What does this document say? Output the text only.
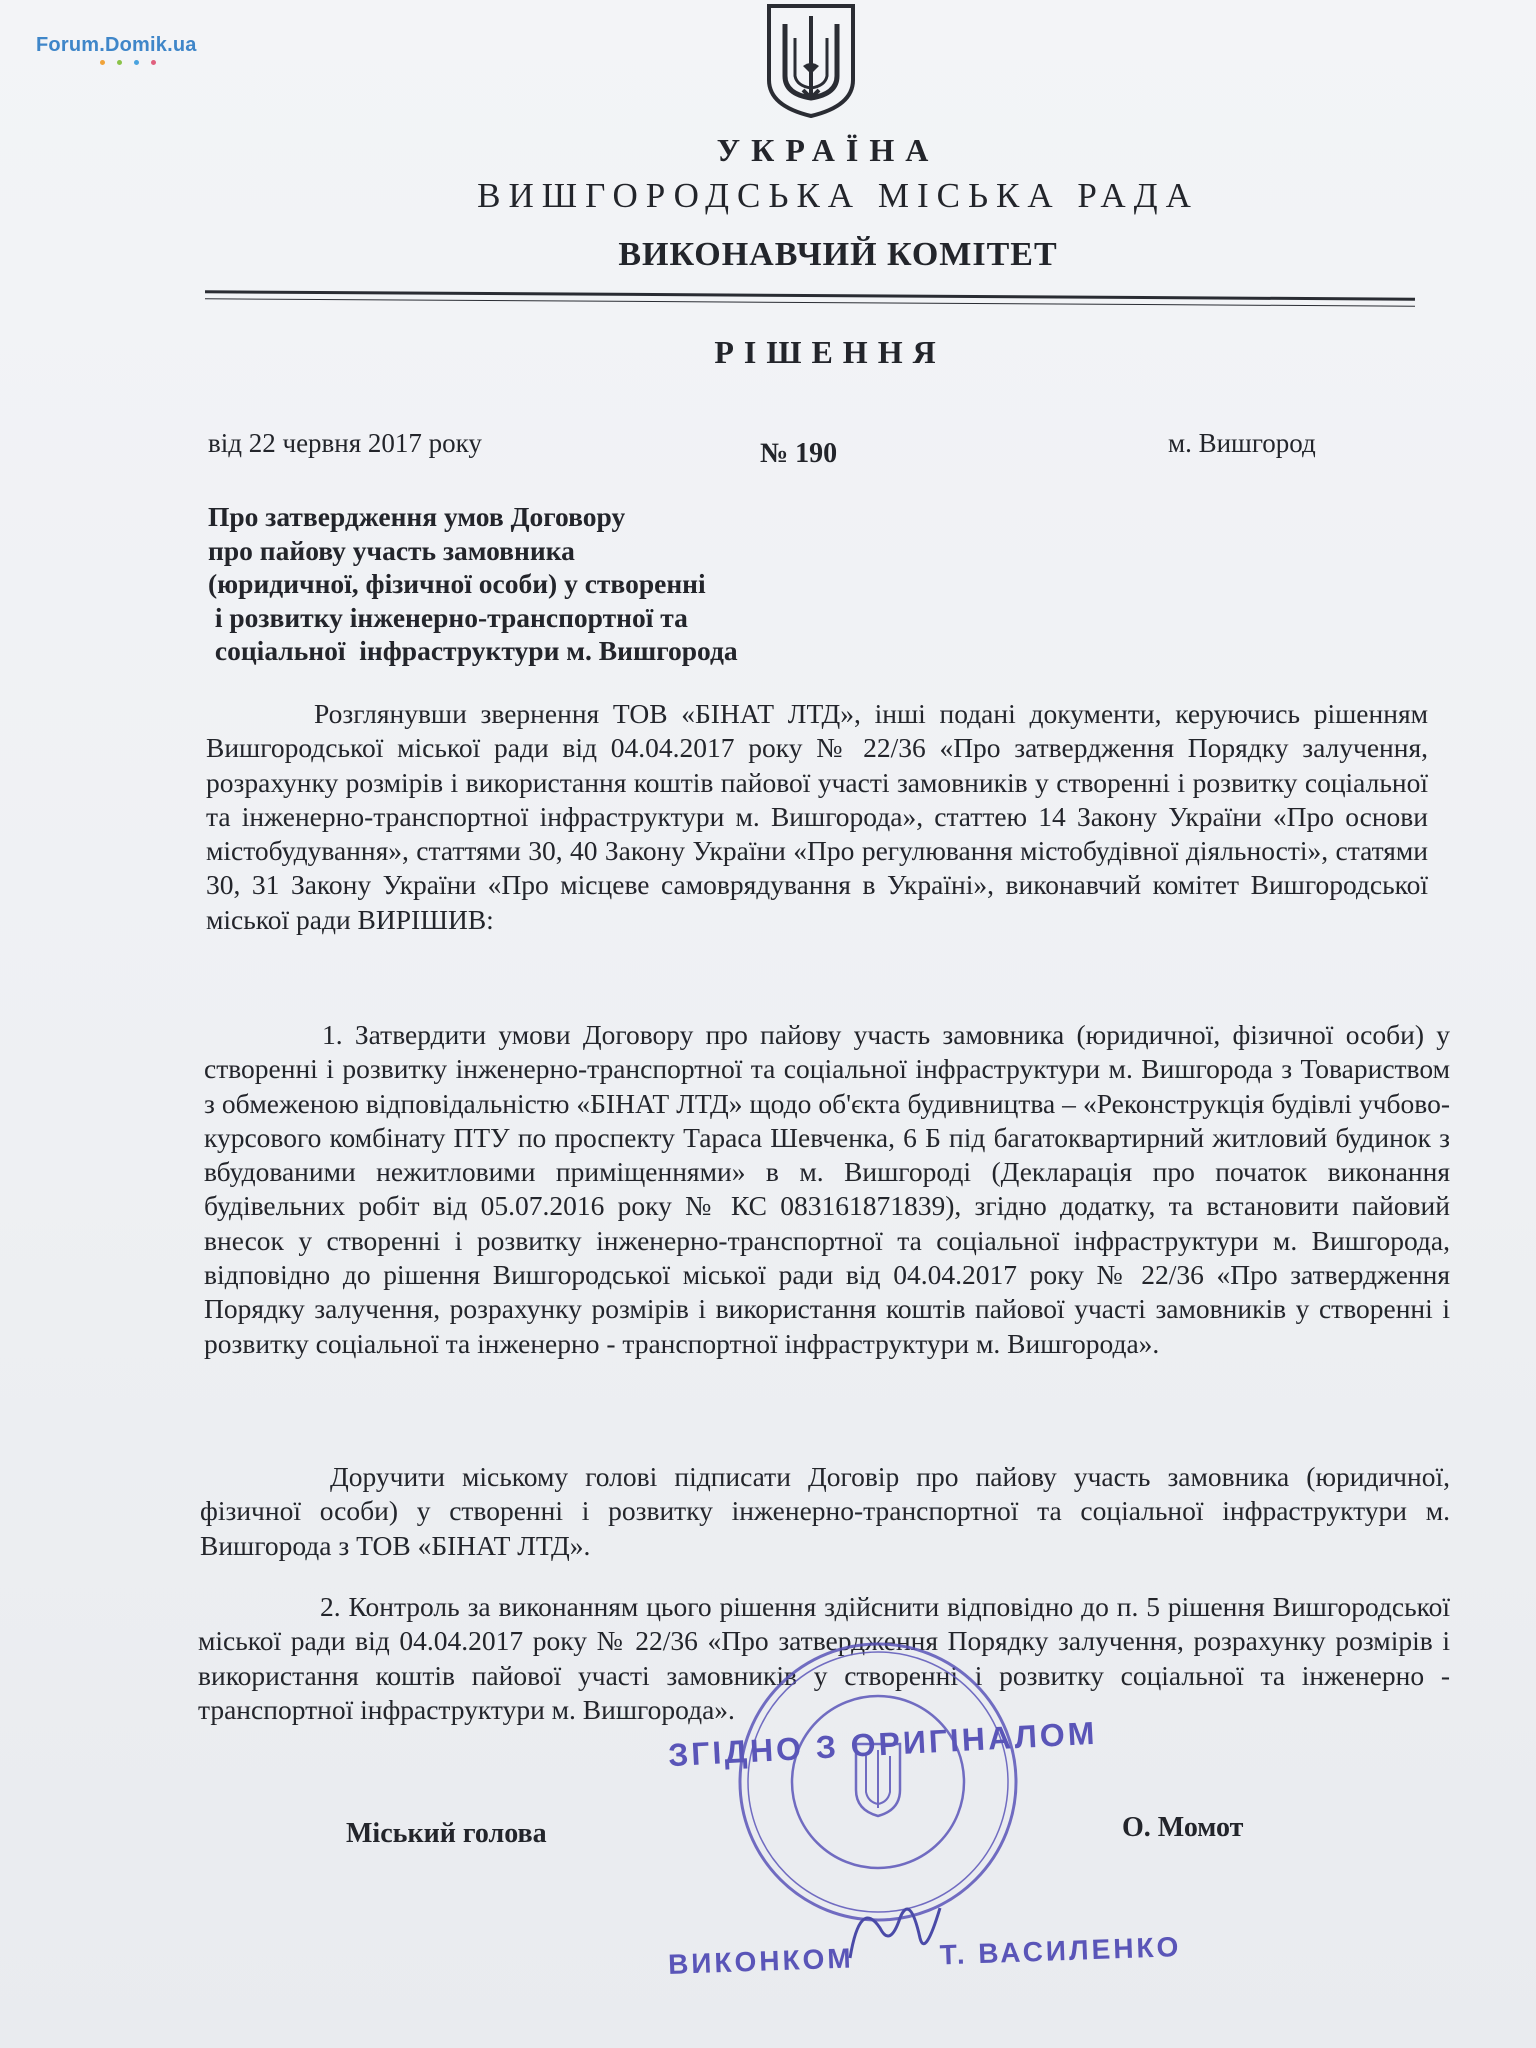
Forum.Domik.ua
УКРАЇНА
ВИШГОРОДСЬКА МІСЬКА РАДА
ВИКОНАВЧИЙ КОМІТЕТ
РІШЕННЯ
від 22 червня 2017 року	№ 190	м. Вишгород
Про затвердження умов Договору
про пайову участь замовника
(юридичної, фізичної особи) у створенні
і розвитку інженерно-транспортної та
соціальної  інфраструктури м. Вишгорода
Розглянувши звернення ТОВ «БІНАТ ЛТД», інші подані документи, керуючись рішенням Вишгородської міської ради від 04.04.2017 року № 22/36 «Про затвердження Порядку залучення, розрахунку розмірів і використання коштів пайової участі замовників у створенні і розвитку соціальної та інженерно-транспортної інфраструктури м. Вишгорода», статтею 14 Закону України «Про основи містобудування», статтями 30, 40 Закону України «Про регулювання містобудівної діяльності», статями 30, 31 Закону України «Про місцеве самоврядування в Україні», виконавчий комітет Вишгородської міської ради ВИРІШИВ:
1. Затвердити умови Договору про пайову участь замовника (юридичної, фізичної особи) у створенні і розвитку інженерно-транспортної та соціальної інфраструктури м. Вишгорода з Товариством з обмеженою відповідальністю «БІНАТ ЛТД» щодо об'єкта будивництва – «Реконструкція будівлі учбово-курсового комбінату ПТУ по проспекту Тараса Шевченка, 6 Б під багатоквартирний житловий будинок з вбудованими нежитловими приміщеннями» в м. Вишгороді (Декларація про початок виконання будівельних робіт від 05.07.2016 року № КС 083161871839), згідно додатку, та встановити пайовий внесок у створенні і розвитку інженерно-транспортної та соціальної інфраструктури м. Вишгорода, відповідно до рішення Вишгородської міської ради від 04.04.2017 року № 22/36 «Про затвердження Порядку залучення, розрахунку розмірів і використання коштів пайової участі замовників у створенні і розвитку соціальної та інженерно - транспортної інфраструктури м. Вишгорода».
Доручити міському голові підписати Договір про пайову участь замовника (юридичної, фізичної особи) у створенні і розвитку інженерно-транспортної та соціальної інфраструктури м. Вишгорода з ТОВ «БІНАТ ЛТД».
2. Контроль за виконанням цього рішення здійснити відповідно до п. 5 рішення Вишгородської міської ради від 04.04.2017 року № 22/36 «Про затвердження Порядку залучення, розрахунку розмірів і використання коштів пайової участі замовників у створенні і розвитку соціальної та інженерно - транспортної інфраструктури м. Вишгорода».
ЗГІДНО З ОРИГІНАЛОМ
ВИКОНКОМ        Т. ВАСИЛЕНКО
Міський голова	О. Момот
